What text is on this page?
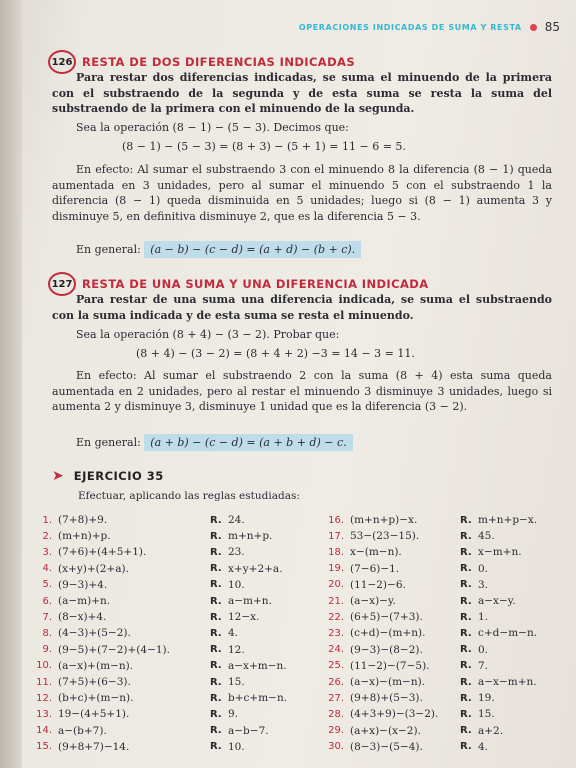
OPERACIONES INDICADAS DE SUMA Y RESTA 85
126 RESTA DE DOS DIFERENCIAS INDICADAS
Para restar dos diferencias indicadas, se suma el minuendo de la primera con el substraendo de la segunda y de esta suma se resta la suma del substraendo de la primera con el minuendo de la segunda.
Sea la operación (8 − 1) − (5 − 3). Decimos que:
(8 − 1) − (5 − 3) = (8 + 3) − (5 + 1) = 11 − 6 = 5.
En efecto: Al sumar el substraendo 3 con el minuendo 8 la diferencia (8 − 1) queda aumentada en 3 unidades, pero al sumar el minuendo 5 con el substraendo 1 la diferencia (8 − 1) queda disminuida en 5 unidades; luego si (8 − 1) aumenta 3 y disminuye 5, en definitiva disminuye 2, que es la diferencia 5 − 3.
En general: (a − b) − (c − d) = (a + d) − (b + c).
127 RESTA DE UNA SUMA Y UNA DIFERENCIA INDICADA
Para restar de una suma una diferencia indicada, se suma el substraendo con la suma indicada y de esta suma se resta el minuendo.
Sea la operación (8 + 4) − (3 − 2). Probar que:
(8 + 4) − (3 − 2) = (8 + 4 + 2) −3 = 14 − 3 = 11.
En efecto: Al sumar el substraendo 2 con la suma (8 + 4) esta suma queda aumentada en 2 unidades, pero al restar el minuendo 3 disminuye 3 unidades, luego si aumenta 2 y disminuye 3, disminuye 1 unidad que es la diferencia (3 − 2).
En general: (a + b) − (c − d) = (a + b + d) − c.
➤ EJERCICIO 35
Efectuar, aplicando las reglas estudiadas:
1. (7+8)+9.	R. 24.
2. (m+n)+p.	R. m+n+p.
3. (7+6)+(4+5+1).	R. 23.
4. (x+y)+(2+a).	R. x+y+2+a.
5. (9−3)+4.	R. 10.
6. (a−m)+n.	R. a−m+n.
7. (8−x)+4.	R. 12−x.
8. (4−3)+(5−2).	R. 4.
9. (9−5)+(7−2)+(4−1).	R. 12.
10. (a−x)+(m−n).	R. a−x+m−n.
11. (7+5)+(6−3).	R. 15.
12. (b+c)+(m−n).	R. b+c+m−n.
13. 19−(4+5+1).	R. 9.
14. a−(b+7).	R. a−b−7.
15. (9+8+7)−14.	R. 10.
16. (m+n+p)−x.	R. m+n+p−x.
17. 53−(23−15).	R. 45.
18. x−(m−n).	R. x−m+n.
19. (7−6)−1.	R. 0.
20. (11−2)−6.	R. 3.
21. (a−x)−y.	R. a−x−y.
22. (6+5)−(7+3).	R. 1.
23. (c+d)−(m+n).	R. c+d−m−n.
24. (9−3)−(8−2).	R. 0.
25. (11−2)−(7−5).	R. 7.
26. (a−x)−(m−n).	R. a−x−m+n.
27. (9+8)+(5−3).	R. 19.
28. (4+3+9)−(3−2).	R. 15.
29. (a+x)−(x−2).	R. a+2.
30. (8−3)−(5−4).	R. 4.
